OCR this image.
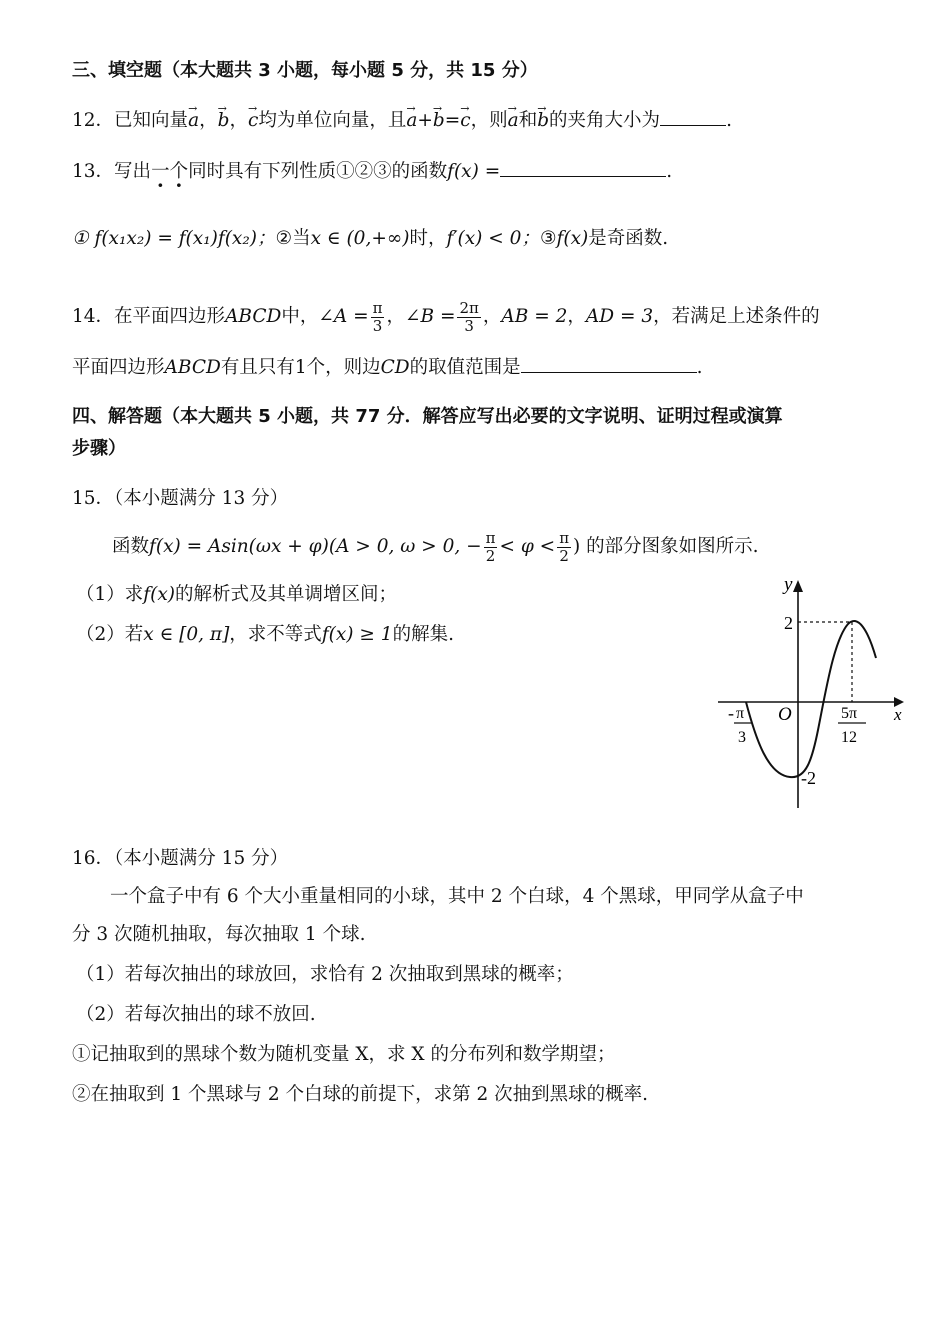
三、填空题（本大题共 3 小题，每小题 5 分，共 15 分）
12．已知向量→ a，→ b，→ c均为单位向量，且→ a+→ b=→ c，则→ a和→ b的夹角大小为	.
13．写出一个同时具有下列性质①②③的函数f(x) =	.
① f(x₁x₂) = f(x₁)f(x₂)；②当x ∈ (0,+∞)时，f′(x) < 0；③f(x)是奇函数.
14．在平面四边形ABCD中，∠A = $\frac{\pi}{3}$ ，∠B = $\frac{2\pi}{3}$ ，AB = 2，AD = 3，若满足上述条件的
平面四边形ABCD有且只有1个，则边CD的取值范围是	.
四、解答题（本大题共 5 小题，共 77 分．解答应写出必要的文字说明、证明过程或演算
步骤）
15．（本小题满分 13 分）
函数f(x) = Asin(ωx + φ)(A > 0, ω > 0, − $\frac{\pi}{2} < \varphi < \frac{\pi}{2}$ ) 的部分图象如图所示.
（1）求f(x)的解析式及其单调增区间；
（2）若x ∈ [0, π]，求不等式f(x) ≥ 1的解集.
y
x
O
2
-2
- π
3
5π
12
16．（本小题满分 15 分）
一个盒子中有 6 个大小重量相同的小球，其中 2 个白球，4 个黑球，甲同学从盒子中
分 3 次随机抽取，每次抽取 1 个球.
（1）若每次抽出的球放回，求恰有 2 次抽取到黑球的概率；
（2）若每次抽出的球不放回.
①记抽取到的黑球个数为随机变量 X，求 X 的分布列和数学期望；
②在抽取到 1 个黑球与 2 个白球的前提下，求第 2 次抽到黑球的概率.
